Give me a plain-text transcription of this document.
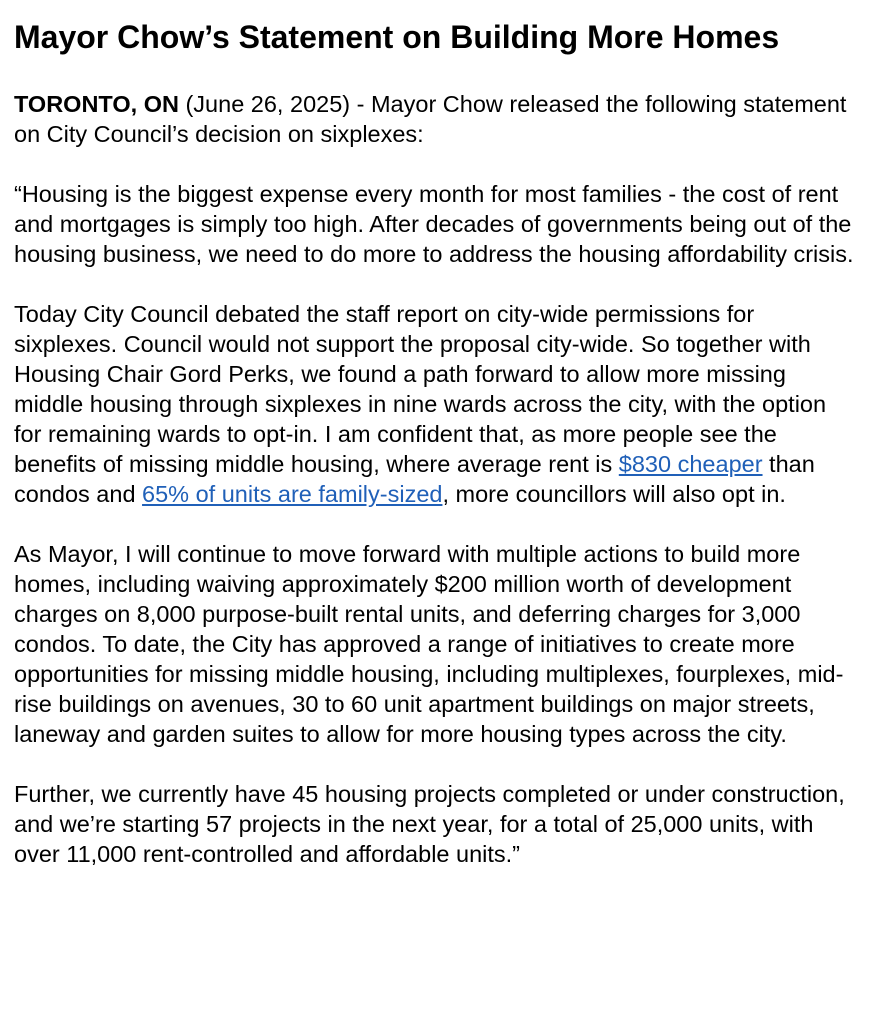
Mayor Chow’s Statement on Building More Homes

TORONTO, ON (June 26, 2025) - Mayor Chow released the following statement on City Council’s decision on sixplexes:

“Housing is the biggest expense every month for most families - the cost of rent and mortgages is simply too high. After decades of governments being out of the housing business, we need to do more to address the housing affordability crisis.

Today City Council debated the staff report on city-wide permissions for sixplexes. Council would not support the proposal city-wide. So together with Housing Chair Gord Perks, we found a path forward to allow more missing middle housing through sixplexes in nine wards across the city, with the option for remaining wards to opt-in. I am confident that, as more people see the benefits of missing middle housing, where average rent is $830 cheaper than condos and 65% of units are family-sized, more councillors will also opt in.

As Mayor, I will continue to move forward with multiple actions to build more homes, including waiving approximately $200 million worth of development charges on 8,000 purpose-built rental units, and deferring charges for 3,000 condos. To date, the City has approved a range of initiatives to create more opportunities for missing middle housing, including multiplexes, fourplexes, mid-rise buildings on avenues, 30 to 60 unit apartment buildings on major streets, laneway and garden suites to allow for more housing types across the city.

Further, we currently have 45 housing projects completed or under construction, and we’re starting 57 projects in the next year, for a total of 25,000 units, with over 11,000 rent-controlled and affordable units.”
